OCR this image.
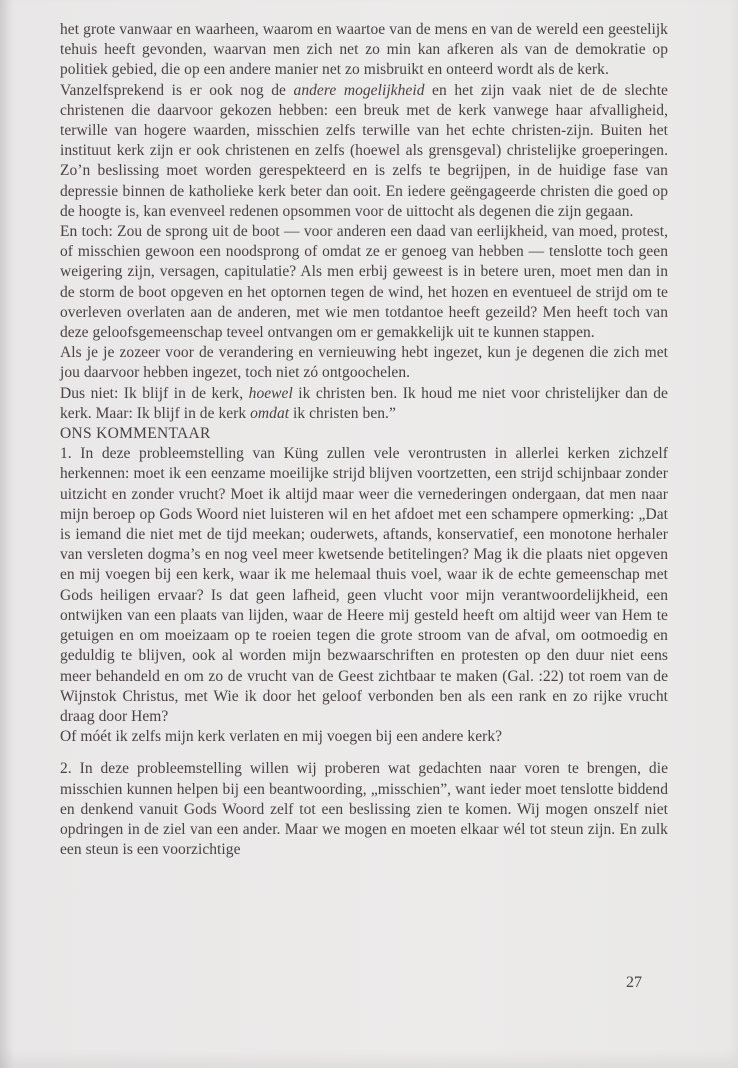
het grote vanwaar en waarheen, waarom en waartoe van de mens en van de wereld een geestelijk tehuis heeft gevonden, waarvan men zich net zo min kan afkeren als van de demokratie op politiek gebied, die op een andere manier net zo misbruikt en onteerd wordt als de kerk.

Vanzelfsprekend is er ook nog de andere mogelijkheid en het zijn vaak niet de de slechte christenen die daarvoor gekozen hebben: een breuk met de kerk vanwege haar afvalligheid, terwille van hogere waarden, misschien zelfs terwille van het echte christen-zijn. Buiten het instituut kerk zijn er ook christenen en zelfs (hoewel als grensgeval) christelijke groeperingen. Zo’n beslissing moet worden gerespekteerd en is zelfs te begrijpen, in de huidige fase van depressie binnen de katholieke kerk beter dan ooit. En iedere geëngageerde christen die goed op de hoogte is, kan evenveel redenen opsommen voor de uittocht als degenen die zijn gegaan.

En toch: Zou de sprong uit de boot — voor anderen een daad van eerlijkheid, van moed, protest, of misschien gewoon een noodsprong of omdat ze er genoeg van hebben — tenslotte toch geen weigering zijn, versagen, capitulatie? Als men erbij geweest is in betere uren, moet men dan in de storm de boot opgeven en het optornen tegen de wind, het hozen en eventueel de strijd om te overleven overlaten aan de anderen, met wie men totdantoe heeft gezeild? Men heeft toch van deze geloofsgemeenschap teveel ontvangen om er gemakkelijk uit te kunnen stappen.

Als je je zozeer voor de verandering en vernieuwing hebt ingezet, kun je degenen die zich met jou daarvoor hebben ingezet, toch niet zó ontgoochelen.

Dus niet: Ik blijf in de kerk, hoewel ik christen ben. Ik houd me niet voor christelijker dan de kerk. Maar: Ik blijf in de kerk omdat ik christen ben.”

ONS KOMMENTAAR

1. In deze probleemstelling van Küng zullen vele verontrusten in allerlei kerken zichzelf herkennen: moet ik een eenzame moeilijke strijd blijven voortzetten, een strijd schijnbaar zonder uitzicht en zonder vrucht? Moet ik altijd maar weer die vernederingen ondergaan, dat men naar mijn beroep op Gods Woord niet luisteren wil en het afdoet met een schampere opmerking: „Dat is iemand die niet met de tijd meekan; ouderwets, aftands, konservatief, een monotone herhaler van versleten dogma’s en nog veel meer kwetsende betitelingen? Mag ik die plaats niet opgeven en mij voegen bij een kerk, waar ik me helemaal thuis voel, waar ik de echte gemeenschap met Gods heiligen ervaar? Is dat geen lafheid, geen vlucht voor mijn verantwoordelijkheid, een ontwijken van een plaats van lijden, waar de Heere mij gesteld heeft om altijd weer van Hem te getuigen en om moeizaam op te roeien tegen die grote stroom van de afval, om ootmoedig en geduldig te blijven, ook al worden mijn bezwaarschriften en protesten op den duur niet eens meer behandeld en om zo de vrucht van de Geest zichtbaar te maken (Gal. :22) tot roem van de Wijnstok Christus, met Wie ik door het geloof verbonden ben als een rank en zo rijke vrucht draag door Hem?

Of móét ik zelfs mijn kerk verlaten en mij voegen bij een andere kerk?

2. In deze probleemstelling willen wij proberen wat gedachten naar voren te brengen, die misschien kunnen helpen bij een beantwoording, „misschien”, want ieder moet tenslotte biddend en denkend vanuit Gods Woord zelf tot een beslissing zien te komen. Wij mogen onszelf niet opdringen in de ziel van een ander. Maar we mogen en moeten elkaar wél tot steun zijn. En zulk een steun is een voorzichtige

27
